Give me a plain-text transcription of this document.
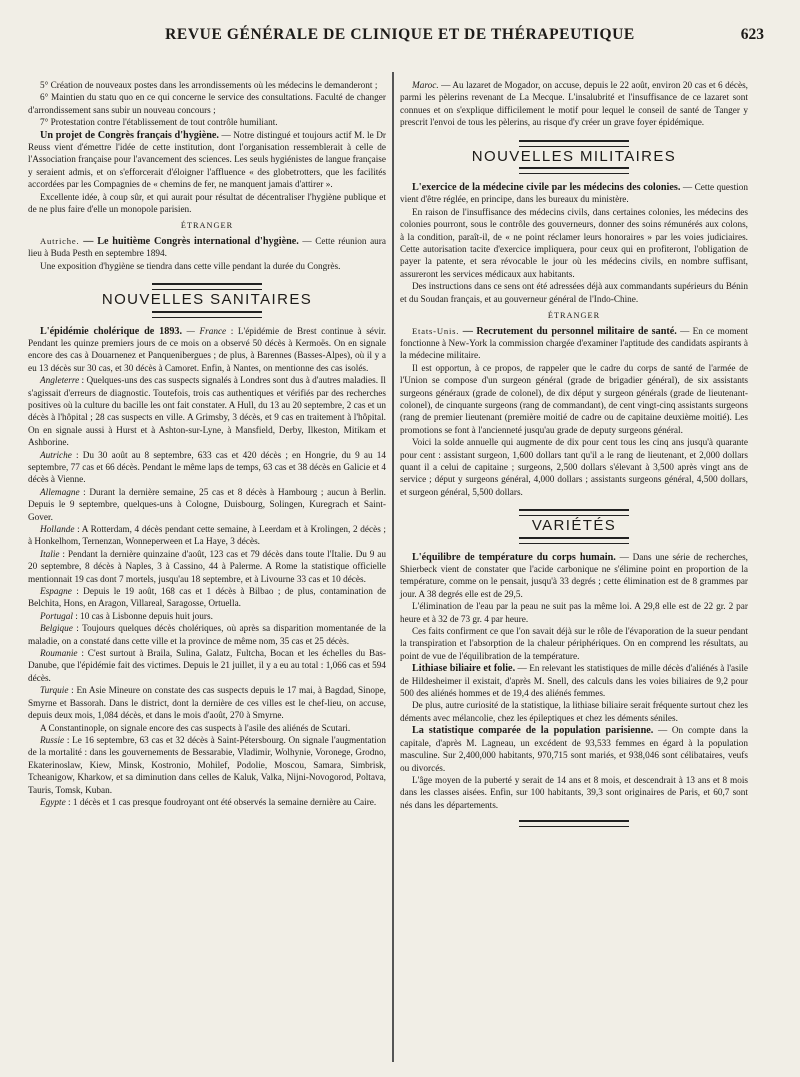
REVUE GÉNÉRALE DE CLINIQUE ET DE THÉRAPEUTIQUE	623

5° Création de nouveaux postes dans les arrondissements où les médecins le demanderont ;

6° Maintien du statu quo en ce qui concerne le service des consultations. Faculté de changer d'arrondissement sans subir un nouveau concours ;

7° Protestation contre l'établissement de tout contrôle humiliant.

Un projet de Congrès français d'hygiène. — Notre distingué et toujours actif M. le Dr Reuss vient d'émettre l'idée de cette institution, dont l'organisation ressemblerait à celle de l'Association française pour l'avancement des sciences. Les seuls hygiénistes de langue française y seraient admis, et on s'efforcerait d'éloigner l'affluence « des globetrotters, que les facilités accordées par les Compagnies de « chemins de fer, ne manquent jamais d'attirer ».

Excellente idée, à coup sûr, et qui aurait pour résultat de décentraliser l'hygiène publique et de ne plus faire d'elle un monopole parisien.

ÉTRANGER

Autriche. — Le huitième Congrès international d'hygiène. — Cette réunion aura lieu à Buda Pesth en septembre 1894.

Une exposition d'hygiène se tiendra dans cette ville pendant la durée du Congrès.

NOUVELLES SANITAIRES

L'épidémie cholérique de 1893. — France : L'épidémie de Brest continue à sévir. Pendant les quinze premiers jours de ce mois on a observé 50 décès à Kermoës. On en signale encore des cas à Douarnenez et Panquenibergues ; de plus, à Barennes (Basses-Alpes), où il y a eu 13 décès sur 30 cas, et 30 décès à Camoret. Enfin, à Nantes, on mentionne des cas isolés.

Angleterre : Quelques-uns des cas suspects signalés à Londres sont dus à d'autres maladies. Il s'agissait d'erreurs de diagnostic. Toutefois, trois cas authentiques et vérifiés par des recherches positives où la culture du bacille les ont fait constater. A Hull, du 13 au 20 septembre, 2 cas et un décès à l'hôpital ; 28 cas suspects en ville. A Grimsby, 3 décès, et 9 cas en traitement à l'hôpital. On en signale aussi à Hurst et à Ashton-sur-Lyne, à Mansfield, Derby, Ilkeston, Mitikam et Ashborine.

Autriche : Du 30 août au 8 septembre, 633 cas et 420 décès ; en Hongrie, du 9 au 14 septembre, 77 cas et 66 décès. Pendant le même laps de temps, 63 cas et 38 décès en Galicie et 4 décès à Vienne.

Allemagne : Durant la dernière semaine, 25 cas et 8 décès à Hambourg ; aucun à Berlin. Depuis le 9 septembre, quelques-uns à Cologne, Duisbourg, Solingen, Kuregrach et Saint-Gover.

Hollande : A Rotterdam, 4 décès pendant cette semaine, à Leerdam et à Krolingen, 2 décès ; à Honkelhom, Ternenzan, Wonneperween et La Haye, 3 décès.

Italie : Pendant la dernière quinzaine d'août, 123 cas et 79 décès dans toute l'Italie. Du 9 au 20 septembre, 8 décès à Naples, 3 à Cassino, 44 à Palerme. A Rome la statistique officielle mentionnait 19 cas dont 7 mortels, jusqu'au 18 septembre, et à Livourne 33 cas et 10 décès.

Espagne : Depuis le 19 août, 168 cas et 1 décès à Bilbao ; de plus, contamination de Belchita, Hons, en Aragon, Villareal, Saragosse, Ortuella.

Portugal : 10 cas à Lisbonne depuis huit jours.

Belgique : Toujours quelques décès cholériques, où après sa disparition momentanée de la maladie, on a constaté dans cette ville et la province de même nom, 35 cas et 25 décès.

Roumanie : C'est surtout à Braila, Sulina, Galatz, Fultcha, Bocan et les échelles du Bas-Danube, que l'épidémie fait des victimes. Depuis le 21 juillet, il y a eu au total : 1,066 cas et 594 décès.

Turquie : En Asie Mineure on constate des cas suspects depuis le 17 mai, à Bagdad, Sinope, Smyrne et Bassorah. Dans le district, dont la dernière de ces villes est le chef-lieu, on accuse, depuis deux mois, 1,084 décès, et dans le mois d'août, 270 à Smyrne.

A Constantinople, on signale encore des cas suspects à l'asile des aliénés de Scutari.

Russie : Le 16 septembre, 63 cas et 32 décès à Saint-Pétersbourg. On signale l'augmentation de la mortalité : dans les gouvernements de Bessarabie, Vladimir, Wolhynie, Voronege, Grodno, Ekaterinoslaw, Kiew, Minsk, Kostronio, Mohilef, Podolie, Moscou, Samara, Simbrisk, Tcheanigow, Kharkow, et sa diminution dans celles de Kaluk, Valka, Nijni-Novogorod, Poltava, Tauris, Tomsk, Kuban.

Egypte : 1 décès et 1 cas presque foudroyant ont été observés la semaine dernière au Caire.

Maroc. — Au lazaret de Mogador, on accuse, depuis le 22 août, environ 20 cas et 6 décès, parmi les pèlerins revenant de La Mecque. L'insalubrité et l'insuffisance de ce lazaret sont connues et on s'explique difficilement le motif pour lequel le conseil de santé de Tanger y prescrit l'envoi de tous les pèlerins, au risque d'y créer un grave foyer épidémique.

NOUVELLES MILITAIRES

L'exercice de la médecine civile par les médecins des colonies. — Cette question vient d'être réglée, en principe, dans les bureaux du ministère.

En raison de l'insuffisance des médecins civils, dans certaines colonies, les médecins des colonies pourront, sous le contrôle des gouverneurs, donner des soins rémunérés aux colons, à la condition, paraît-il, de « ne point réclamer leurs honoraires » par les voies judiciaires. Cette autorisation tacite d'exercice impliquera, pour ceux qui en profiteront, l'obligation de payer la patente, et sera révocable le jour où les médecins civils, en nombre suffisant, assureront les services médicaux aux habitants.

Des instructions dans ce sens ont été adressées déjà aux commandants supérieurs du Bénin et du Soudan français, et au gouverneur général de l'Indo-Chine.

ÉTRANGER

Etats-Unis. — Recrutement du personnel militaire de santé. — En ce moment fonctionne à New-York la commission chargée d'examiner l'aptitude des candidats aspirants à la médecine militaire.

Il est opportun, à ce propos, de rappeler que le cadre du corps de santé de l'armée de l'Union se compose d'un surgeon général (grade de brigadier général), de six assistants surgeons généraux (grade de colonel), de dix déput y surgeon générals (grade de lieutenant-colonel), de cinquante surgeons (rang de commandant), de cent vingt-cinq assistants surgeons (rang de premier lieutenant (première moitié de cadre ou de capitaine deuxième moitié). Les promotions se font à l'ancienneté jusqu'au grade de deputy surgeons général.

Voici la solde annuelle qui augmente de dix pour cent tous les cinq ans jusqu'à quarante pour cent : assistant surgeon, 1,600 dollars tant qu'il a le rang de lieutenant, et 2,000 dollars quant il a celui de capitaine ; surgeons, 2,500 dollars s'élevant à 3,500 après vingt ans de service ; déput y surgeons général, 4,000 dollars ; assistants surgeons général, 4,500 dollars, et surgeon général, 5,500 dollars.

VARIÉTÉS

L'équilibre de température du corps humain. — Dans une série de recherches, Shierbeck vient de constater que l'acide carbonique ne s'élimine point en proportion de la température, comme on le pensait, jusqu'à 33 degrés ; cette élimination est de 8 grammes par jour. A 38 degrés elle est de 29,5.

L'élimination de l'eau par la peau ne suit pas la même loi. A 29,8 elle est de 22 gr. 2 par heure et à 32 de 73 gr. 4 par heure.

Ces faits confirment ce que l'on savait déjà sur le rôle de l'évaporation de la sueur pendant la transpiration et l'absorption de la chaleur périphériques. On en comprend les résultats, au point de vue de l'équilibration de la température.

Lithiase biliaire et folie. — En relevant les statistiques de mille décès d'aliénés à l'asile de Hildesheimer il existait, d'après M. Snell, des calculs dans les voies biliaires de 9,2 pour 500 des aliénés hommes et de 19,4 des aliénés femmes.

De plus, autre curiosité de la statistique, la lithiase biliaire serait fréquente surtout chez les déments avec mélancolie, chez les épileptiques et chez les déments séniles.

La statistique comparée de la population parisienne. — On compte dans la capitale, d'après M. Lagneau, un excédent de 93,533 femmes en égard à la population masculine. Sur 2,400,000 habitants, 970,715 sont mariés, et 938,046 sont célibataires, veufs ou divorcés.

L'âge moyen de la puberté y serait de 14 ans et 8 mois, et descendrait à 13 ans et 8 mois dans les classes aisées. Enfin, sur 100 habitants, 39,3 sont originaires de Paris, et 60,7 sont nés dans les départements.
